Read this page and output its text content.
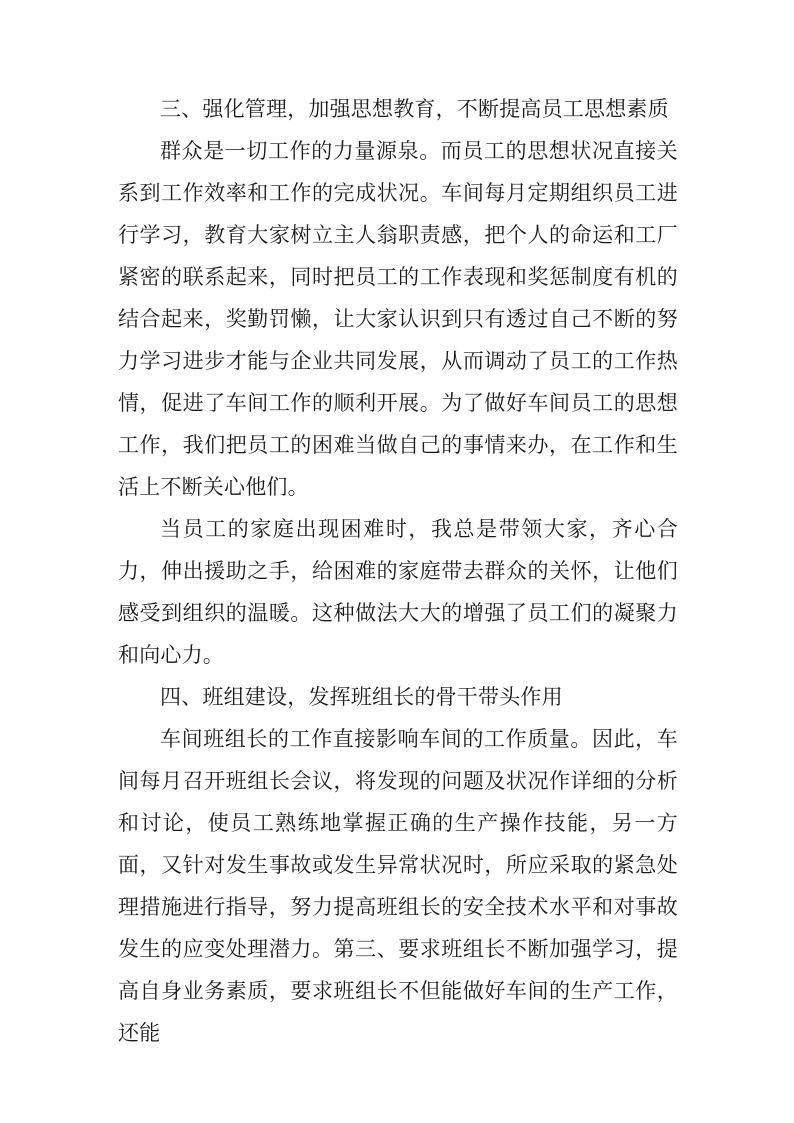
三、强化管理，加强思想教育，不断提高员工思想素质

群众是一切工作的力量源泉。而员工的思想状况直接关系到工作效率和工作的完成状况。车间每月定期组织员工进行学习，教育大家树立主人翁职责感，把个人的命运和工厂紧密的联系起来，同时把员工的工作表现和奖惩制度有机的结合起来，奖勤罚懒，让大家认识到只有透过自己不断的努力学习进步才能与企业共同发展，从而调动了员工的工作热情，促进了车间工作的顺利开展。为了做好车间员工的思想工作，我们把员工的困难当做自己的事情来办，在工作和生活上不断关心他们。

当员工的家庭出现困难时，我总是带领大家，齐心合力，伸出援助之手，给困难的家庭带去群众的关怀，让他们感受到组织的温暖。这种做法大大的增强了员工们的凝聚力和向心力。

四、班组建设，发挥班组长的骨干带头作用

车间班组长的工作直接影响车间的工作质量。因此，车间每月召开班组长会议，将发现的问题及状况作详细的分析和讨论，使员工熟练地掌握正确的生产操作技能，另一方面，又针对发生事故或发生异常状况时，所应采取的紧急处理措施进行指导，努力提高班组长的安全技术水平和对事故发生的应变处理潜力。第三、要求班组长不断加强学习，提高自身业务素质，要求班组长不但能做好车间的生产工作，还能
